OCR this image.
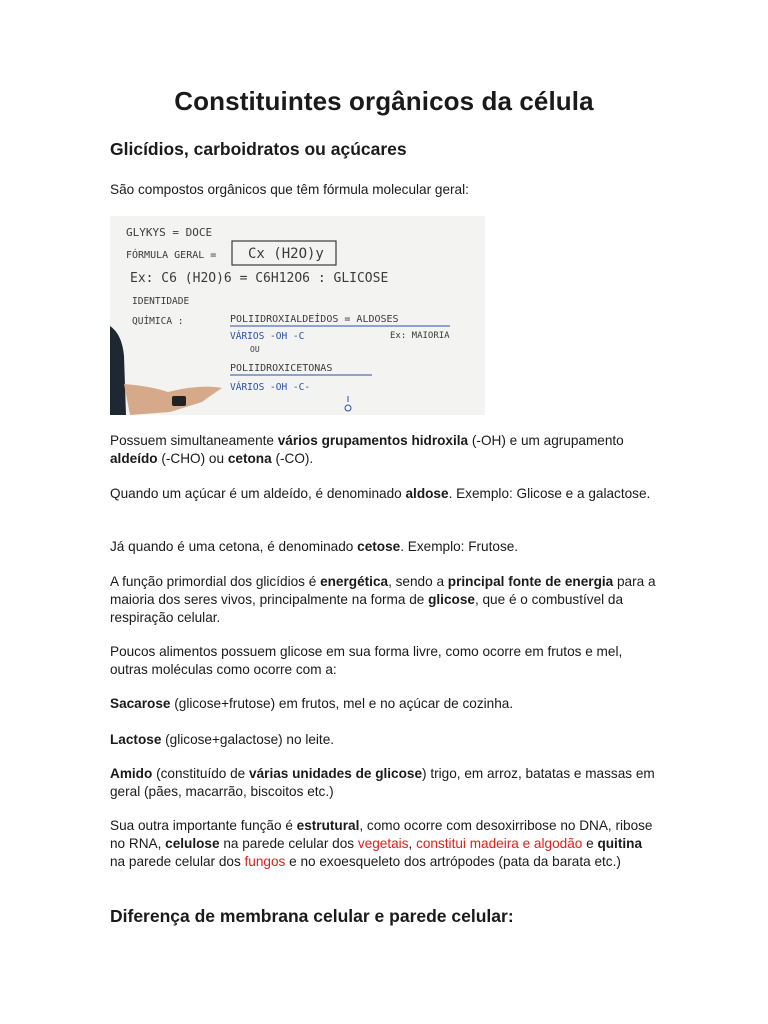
Constituintes orgânicos da célula
Glicídios, carboidratos ou açúcares

São compostos orgânicos que têm fórmula molecular geral:

GLYKYS = DOCE
FÓRMULA GERAL = Cx (H2O)y
Ex: C6 (H2O)6 = C6H12O6 : GLICOSE
IDENTIDADE
QUÍMICA :	POLIIDROXIALDEÍDOS = ALDOSES
Ex: MAIORIA
OU
POLIIDROXICETONAS
VÁRIOS -OH -C
VÁRIOS -OH -C-

Possuem simultaneamente vários grupamentos hidroxila (-OH) e um agrupamento aldeído (-CHO) ou cetona (-CO).

Quando um açúcar é um aldeído, é denominado aldose. Exemplo: Glicose e a galactose.

Já quando é uma cetona, é denominado cetose. Exemplo: Frutose.

A função primordial dos glicídios é energética, sendo a principal fonte de energia para a maioria dos seres vivos, principalmente na forma de glicose, que é o combustível da respiração celular.

Poucos alimentos possuem glicose em sua forma livre, como ocorre em frutos e mel, outras moléculas como ocorre com a:

Sacarose (glicose+frutose) em frutos, mel e no açúcar de cozinha.

Lactose (glicose+galactose) no leite.

Amido (constituído de várias unidades de glicose) trigo, em arroz, batatas e massas em geral (pães, macarrão, biscoitos etc.)

Sua outra importante função é estrutural, como ocorre com desoxirribose no DNA, ribose no RNA, celulose na parede celular dos vegetais, constitui madeira e algodão e quitina na parede celular dos fungos e no exoesqueleto dos artrópodes (pata da barata etc.)

Diferença de membrana celular e parede celular:
